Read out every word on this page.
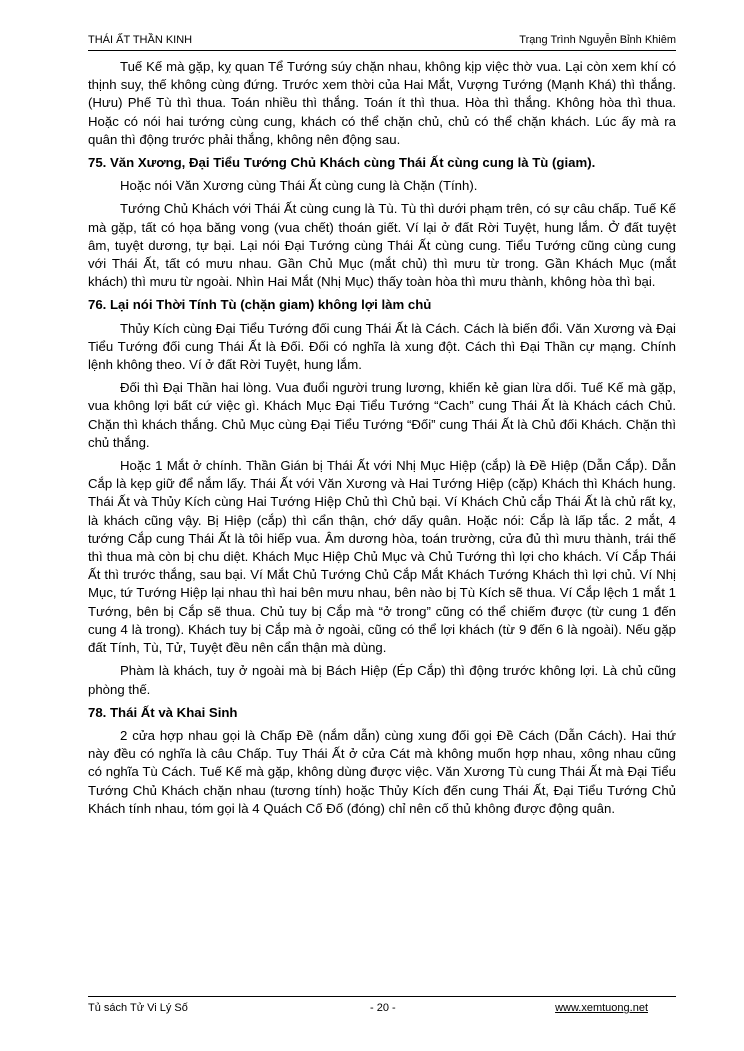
THÁI ẤT THẦN KINH	Trạng Trình Nguyễn Bỉnh Khiêm

Tuế Kế mà gặp, kỵ quan Tể Tướng súy chặn nhau, không kịp việc thờ vua. Lại còn xem khí có thịnh suy, thế không cùng đứng. Trước xem thời của Hai Mắt, Vượng Tướng (Mạnh Khá) thì thắng. (Hưu) Phế Tù thì thua. Toán nhiều thì thắng. Toán ít thì thua. Hòa thì thắng. Không hòa thì thua. Hoặc có nói hai tướng cùng cung, khách có thể chặn chủ, chủ có thể chặn khách. Lúc ấy mà ra quân thì động trước phải thắng, không nên động sau.

75. Văn Xương, Đại Tiểu Tướng Chủ Khách cùng Thái Ất cùng cung là Tù (giam).

Hoặc nói Văn Xương cùng Thái Ất cùng cung là Chặn (Tính).

Tướng Chủ Khách với Thái Ất cùng cung là Tù. Tù thì dưới phạm trên, có sự câu chấp. Tuế Kế mà gặp, tất có họa băng vong (vua chết) thoán giết. Ví lại ở đất Rời Tuyệt, hung lắm. Ở đất tuyệt âm, tuyệt dương, tự bại. Lại nói Đại Tướng cùng Thái Ất cùng cung. Tiểu Tướng cũng cùng cung với Thái Ất, tất có mưu nhau. Gần Chủ Mục (mắt chủ) thì mưu từ trong. Gần Khách Mục (mắt khách) thì mưu từ ngoài. Nhìn Hai Mắt (Nhị Mục) thấy toàn hòa thì mưu thành, không hòa thì bại.

76. Lại nói Thời Tính Tù (chặn giam) không lợi làm chủ

Thủy Kích cùng Đại Tiểu Tướng đối cung Thái Ất là Cách. Cách là biến đổi. Văn Xương và Đại Tiểu Tướng đối cung Thái Ất là Đối. Đối có nghĩa là xung đột. Cách thì Đại Thần cự mạng. Chính lệnh không theo. Ví ở đất Rời Tuyệt, hung lắm.

Đối thì Đại Thần hai lòng. Vua đuổi người trung lương, khiến kẻ gian lừa dối. Tuế Kế mà gặp, vua không lợi bất cứ việc gì. Khách Mục Đại Tiểu Tướng “Cach” cung Thái Ất là Khách cách Chủ. Chặn thì khách thắng. Chủ Mục cùng Đại Tiểu Tướng “Đối” cung Thái Ất là Chủ đối Khách. Chặn thì chủ thắng.

Hoặc 1 Mắt ở chính. Thần Gián bị Thái Ất với Nhị Mục Hiệp (cắp) là Đề Hiệp (Dẫn Cắp). Dẫn Cắp là kẹp giữ để nắm lấy. Thái Ất với Văn Xương và Hai Tướng Hiệp (cặp) Khách thì Khách hung. Thái Ất và Thủy Kích cùng Hai Tướng Hiệp Chủ thì Chủ bại. Ví Khách Chủ cắp Thái Ất là chủ rất kỵ, là khách cũng vậy. Bị Hiệp (cắp) thì cẩn thận, chớ dấy quân. Hoặc nói: Cắp là lấp tắc. 2 mắt, 4 tướng Cắp cung Thái Ất là tôi hiếp vua. Âm dương hòa, toán trường, cửa đủ thì mưu thành, trái thế thì thua mà còn bị chu diệt. Khách Mục Hiệp Chủ Mục và Chủ Tướng thì lợi cho khách. Ví Cắp Thái Ất thì trước thắng, sau bại. Ví Mắt Chủ Tướng Chủ Cắp Mắt Khách Tướng Khách thì lợi chủ. Ví Nhị Mục, tứ Tướng Hiệp lại nhau thì hai bên mưu nhau, bên nào bị Tù Kích sẽ thua. Ví Cắp lệch 1 mắt 1 Tướng, bên bị Cắp sẽ thua. Chủ tuy bị Cắp mà “ở trong” cũng có thể chiếm được (từ cung 1 đến cung 4 là trong). Khách tuy bị Cắp mà ở ngoài, cũng có thể lợi khách (từ 9 đến 6 là ngoài). Nếu gặp đất Tính, Tù, Tử, Tuyệt đều nên cẩn thận mà dùng.

Phàm là khách, tuy ở ngoài mà bị Bách Hiệp (Ép Cắp) thì động trước không lợi. Là chủ cũng phòng thế.

78. Thái Ất và Khai Sinh

2 cửa hợp nhau gọi là Chấp Đề (nắm dẫn) cùng xung đối gọi Đề Cách (Dẫn Cách). Hai thứ này đều có nghĩa là câu Chấp. Tuy Thái Ất ở cửa Cát mà không muốn hợp nhau, xông nhau cũng có nghĩa Tù Cách. Tuế Kế mà gặp, không dùng được việc. Văn Xương Tù cung Thái Ất mà Đại Tiểu Tướng Chủ Khách chặn nhau (tương tính) hoặc Thủy Kích đến cung Thái Ất, Đại Tiểu Tướng Chủ Khách tính nhau, tóm gọi là 4 Quách Cố Đố (đóng) chỉ nên cố thủ không được động quân.

Tủ sách Tử Vi Lý Số	- 20 -	www.xemtuong.net
